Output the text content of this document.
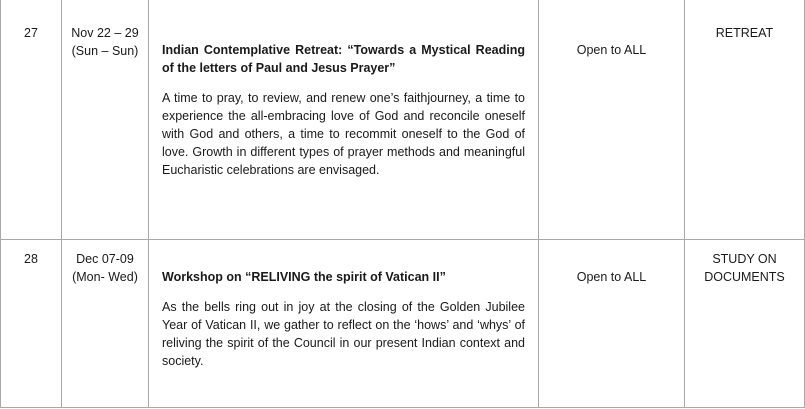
27	Nov 22 – 29 (Sun – Sun)	Indian Contemplative Retreat: “Towards a Mystical Reading of the letters of Paul and Jesus Prayer”
A time to pray, to review, and renew one’s faithjourney, a time to experience the all-embracing love of God and reconcile oneself with God and others, a time to recommit oneself to the God of love. Growth in different types of prayer methods and meaningful Eucharistic celebrations are envisaged.	Open to ALL	RETREAT

28	Dec 07-09 (Mon- Wed)	Workshop on “RELIVING the spirit of Vatican II”
As the bells ring out in joy at the closing of the Golden Jubilee Year of Vatican II, we gather to reflect on the ‘hows’ and ‘whys’ of reliving the spirit of the Council in our present Indian context and society.	Open to ALL	STUDY ON DOCUMENTS
